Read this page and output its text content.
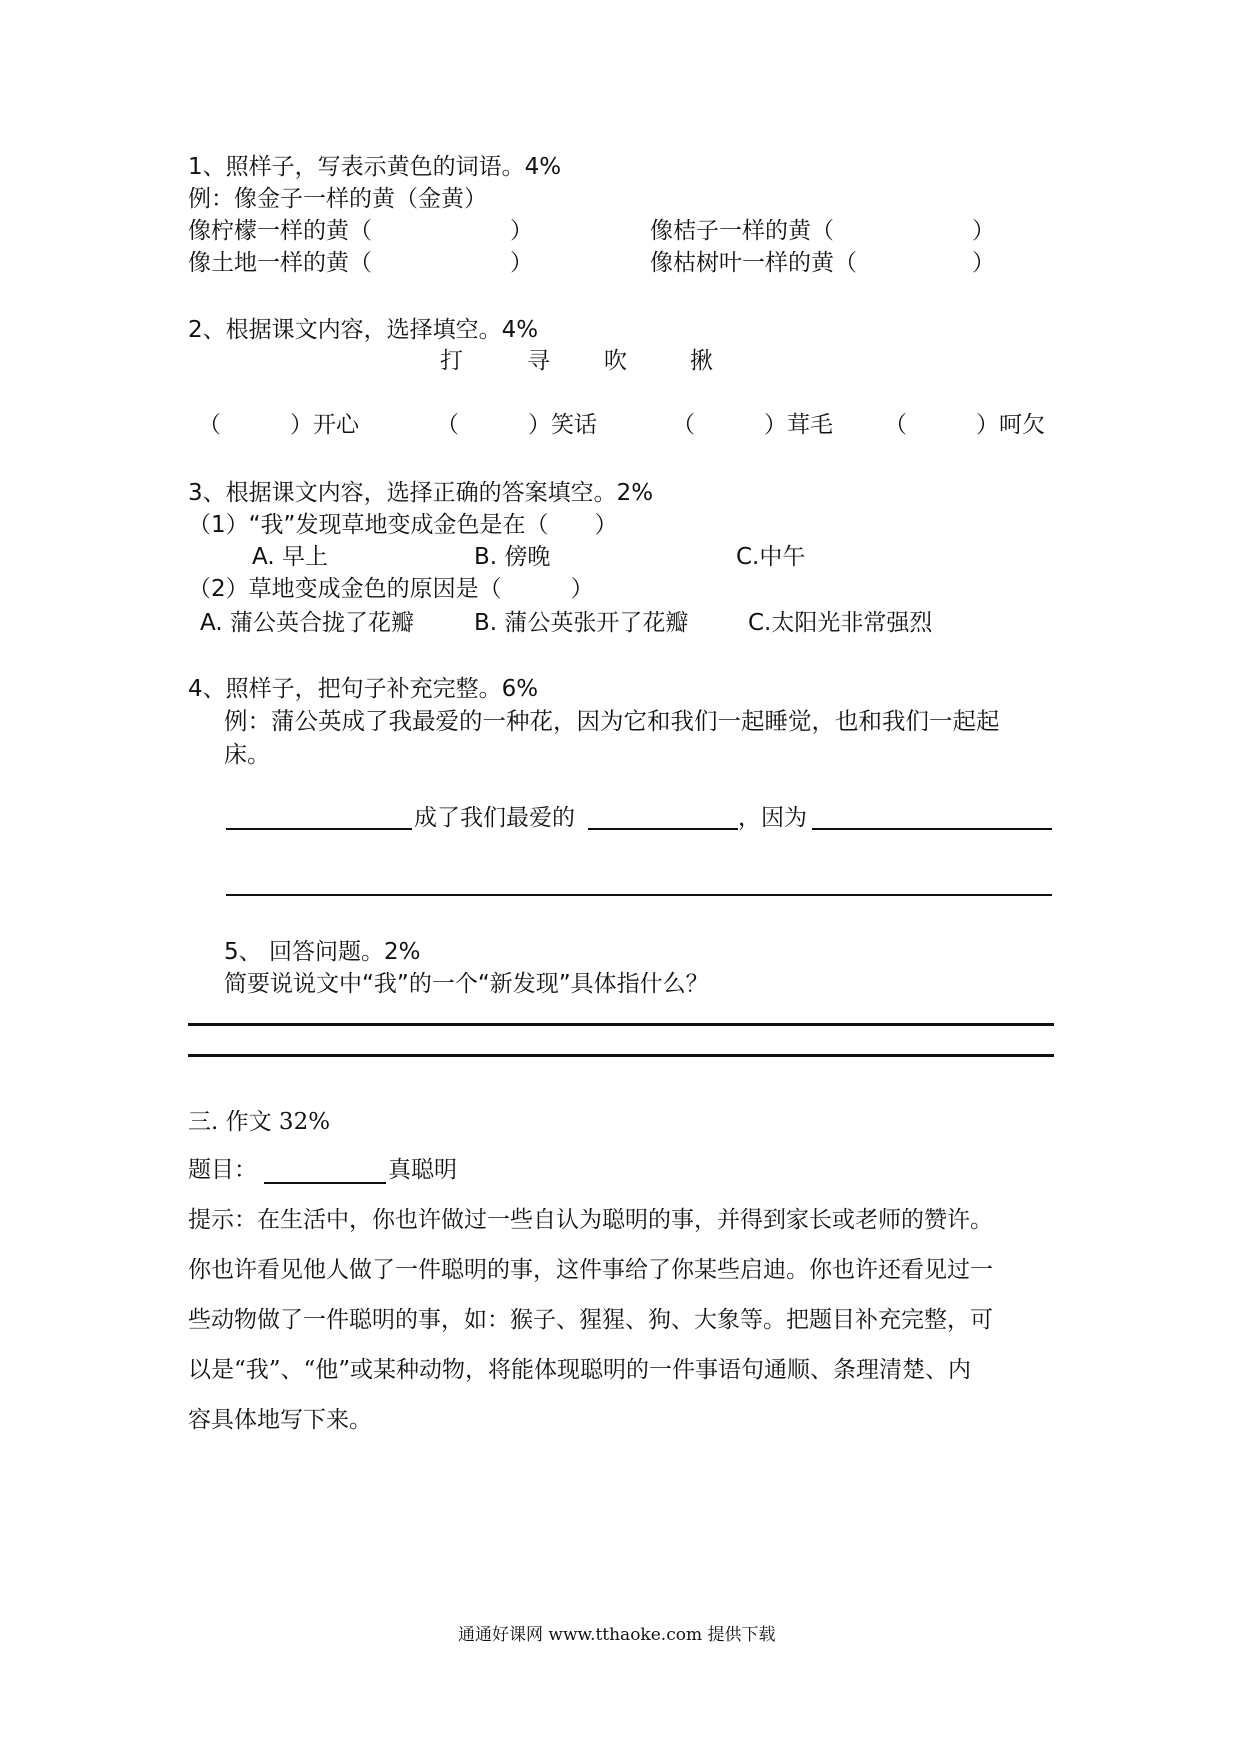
1、照样子，写表示黄色的词语。4%
例：像金子一样的黄（金黄）
像柠檬一样的黄（　　　　　　）	像桔子一样的黄（　　　　　　）
像土地一样的黄（　　　　　　）	像枯树叶一样的黄（　　　　　）
2、根据课文内容，选择填空。4%
打	寻 吹	揪
（　　　）开心	（　　　）笑话	（　　　）茸毛 （　　　）呵欠
3、根据课文内容，选择正确的答案填空。2%
（1）“我”发现草地变成金色是在（　　）
A. 早上	B. 傍晚	C.中午
（2）草地变成金色的原因是（　　　）
A. 蒲公英合拢了花瓣	B. 蒲公英张开了花瓣	C.太阳光非常强烈
4、照样子，把句子补充完整。6%
例：蒲公英成了我最爱的一种花，因为它和我们一起睡觉，也和我们一起起
床。
成了我们最爱的	，因为
5、 回答问题。2%
简要说说文中“我”的一个“新发现”具体指什么？
三. 作文 32%
题目：	真聪明
提示：在生活中，你也许做过一些自认为聪明的事，并得到家长或老师的赞许。
你也许看见他人做了一件聪明的事，这件事给了你某些启迪。你也许还看见过一
些动物做了一件聪明的事，如：猴子、猩猩、狗、大象等。把题目补充完整，可
以是“我”、“他”或某种动物，将能体现聪明的一件事语句通顺、条理清楚、内
容具体地写下来。
通通好课网 www.tthaoke.com 提供下载
